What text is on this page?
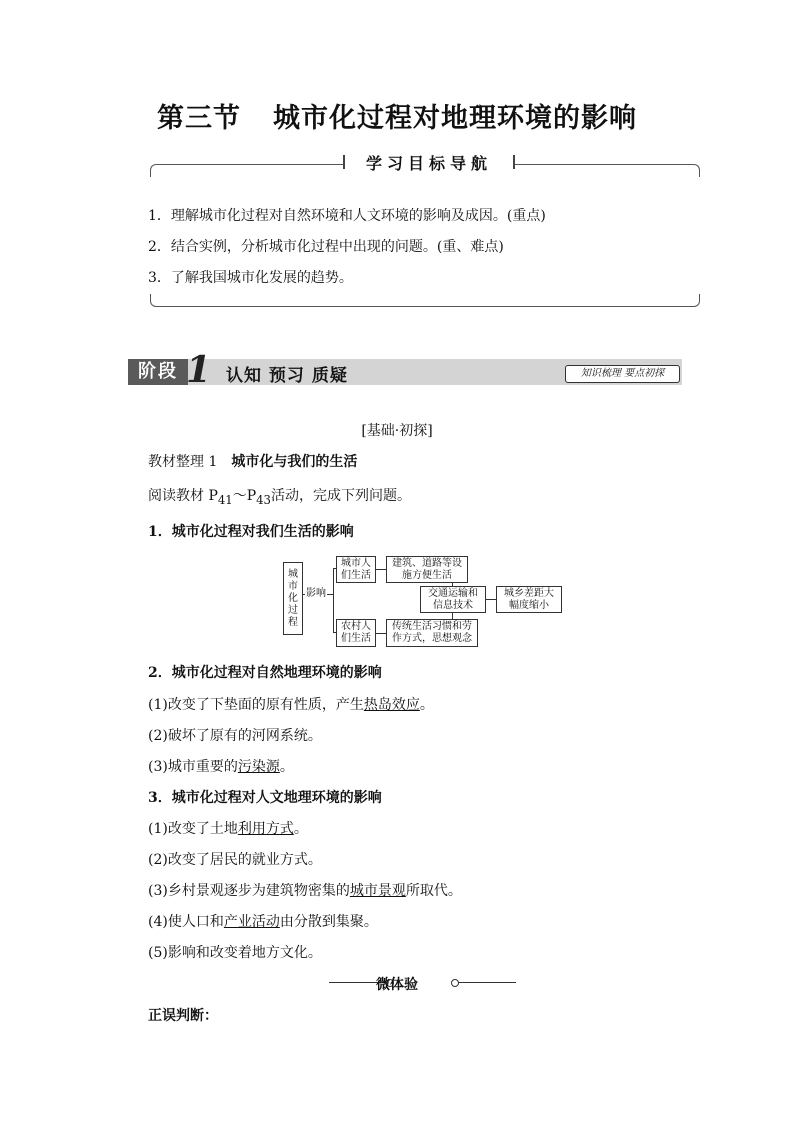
第三节 城市化过程对地理环境的影响
学习目标导航
1．理解城市化过程对自然环境和人文环境的影响及成因。(重点)
2．结合实例，分析城市化过程中出现的问题。(重、难点)
3．了解我国城市化发展的趋势。
阶段 1 认知 预习 质疑	知识梳理 要点初探
[基础·初探]
教材整理 1 城市化与我们的生活
阅读教材 $P_{41}\sim P_{43}$活动，完成下列问题。
1．城市化过程对我们生活的影响
城市化过程
影响
城市人们生活
建筑、道路等设施方便生活
农村人们生活
传统生活习惯和劳作方式，思想观念
交通运输和信息技术
城乡差距大幅度缩小
2．城市化过程对自然地理环境的影响
(1)改变了下垫面的原有性质，产生热岛效应。
(2)破坏了原有的河网系统。
(3)城市重要的污染源。
3．城市化过程对人文地理环境的影响
(1)改变了土地利用方式。
(2)改变了居民的就业方式。
(3)乡村景观逐步为建筑物密集的城市景观所取代。
(4)使人口和产业活动由分散到集聚。
(5)影响和改变着地方文化。
微体验
正误判断：
